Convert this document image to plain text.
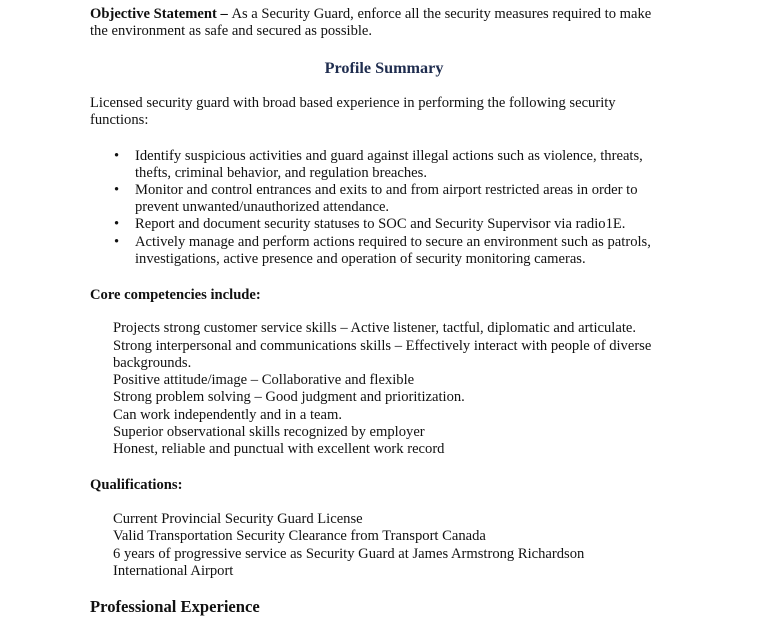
Objective Statement – As a Security Guard, enforce all the security measures required to make
the environment as safe and secured as possible.
Profile Summary
Licensed security guard with broad based experience in performing the following security
functions:
• Identify suspicious activities and guard against illegal actions such as violence, threats,
thefts, criminal behavior, and regulation breaches.
• Monitor and control entrances and exits to and from airport restricted areas in order to
prevent unwanted/unauthorized attendance.
• Report and document security statuses to SOC and Security Supervisor via radio1E.
• Actively manage and perform actions required to secure an environment such as patrols,
investigations, active presence and operation of security monitoring cameras.
Core competencies include:
Projects strong customer service skills – Active listener, tactful, diplomatic and articulate.
Strong interpersonal and communications skills – Effectively interact with people of diverse
backgrounds.
Positive attitude/image – Collaborative and flexible
Strong problem solving – Good judgment and prioritization.
Can work independently and in a team.
Superior observational skills recognized by employer
Honest, reliable and punctual with excellent work record
Qualifications:
Current Provincial Security Guard License
Valid Transportation Security Clearance from Transport Canada
6 years of progressive service as Security Guard at James Armstrong Richardson
International Airport
Professional Experience
